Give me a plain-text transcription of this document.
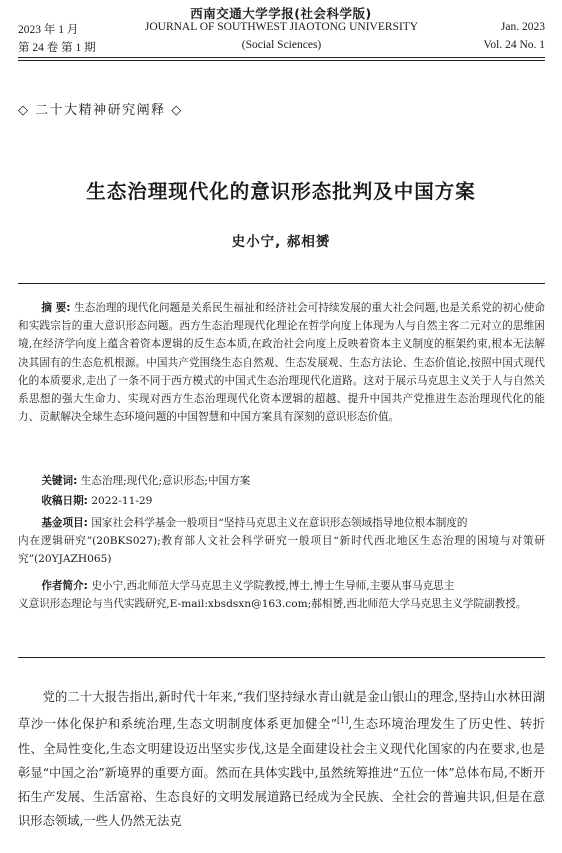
西南交通大学学报(社会科学版)
2023 年 1 月	JOURNAL OF SOUTHWEST JIAOTONG UNIVERSITY	Jan. 2023
第 24 卷 第 1 期	(Social Sciences)	Vol. 24 No. 1
◇ 二十大精神研究阐释 ◇
生态治理现代化的意识形态批判及中国方案
史小宁, 郝相赟
摘 要: 生态治理的现代化问题是关系民生福祉和经济社会可持续发展的重大社会问题,也是关系党的初心使命和实践宗旨的重大意识形态问题。西方生态治理现代化理论在哲学向度上体现为人与自然主客二元对立的思维困境,在经济学向度上蕴含着资本逻辑的反生态本质,在政治社会向度上反映着资本主义制度的框架约束,根本无法解决其固有的生态危机根源。中国共产党围绕生态自然观、生态发展观、生态方法论、生态价值论,按照中国式现代化的本质要求,走出了一条不同于西方模式的中国式生态治理现代化道路。这对于展示马克思主义关于人与自然关系思想的强大生命力、实现对西方生态治理现代化资本逻辑的超越、提升中国共产党推进生态治理现代化的能力、贡献解决全球生态环境问题的中国智慧和中国方案具有深刻的意识形态价值。
关键词: 生态治理;现代化;意识形态;中国方案
收稿日期: 2022-11-29
基金项目: 国家社会科学基金一般项目“坚持马克思主义在意识形态领域指导地位根本制度的
内在逻辑研究”(20BKS027);教育部人文社会科学研究一般项目“新时代西北地区生态治理的困境与对策研究”(20YJAZH065)
作者简介: 史小宁,西北师范大学马克思主义学院教授,博士,博士生导师,主要从事马克思主
义意识形态理论与当代实践研究,E-mail:xbsdsxn@163.com;郝相赟,西北师范大学马克思主义学院副教授。
党的二十大报告指出,新时代十年来,“我们坚持绿水青山就是金山银山的理念,坚持山水林田湖草沙一体化保护和系统治理,生态文明制度体系更加健全”[1],生态环境治理发生了历史性、转折性、全局性变化,生态文明建设迈出坚实步伐,这是全面建设社会主义现代化国家的内在要求,也是彰显“中国之治”新境界的重要方面。然而在具体实践中,虽然统筹推进“五位一体”总体布局,不断开拓生产发展、生活富裕、生态良好的文明发展道路已经成为全民族、全社会的普遍共识,但是在意识形态领域,一些人仍然无法克
